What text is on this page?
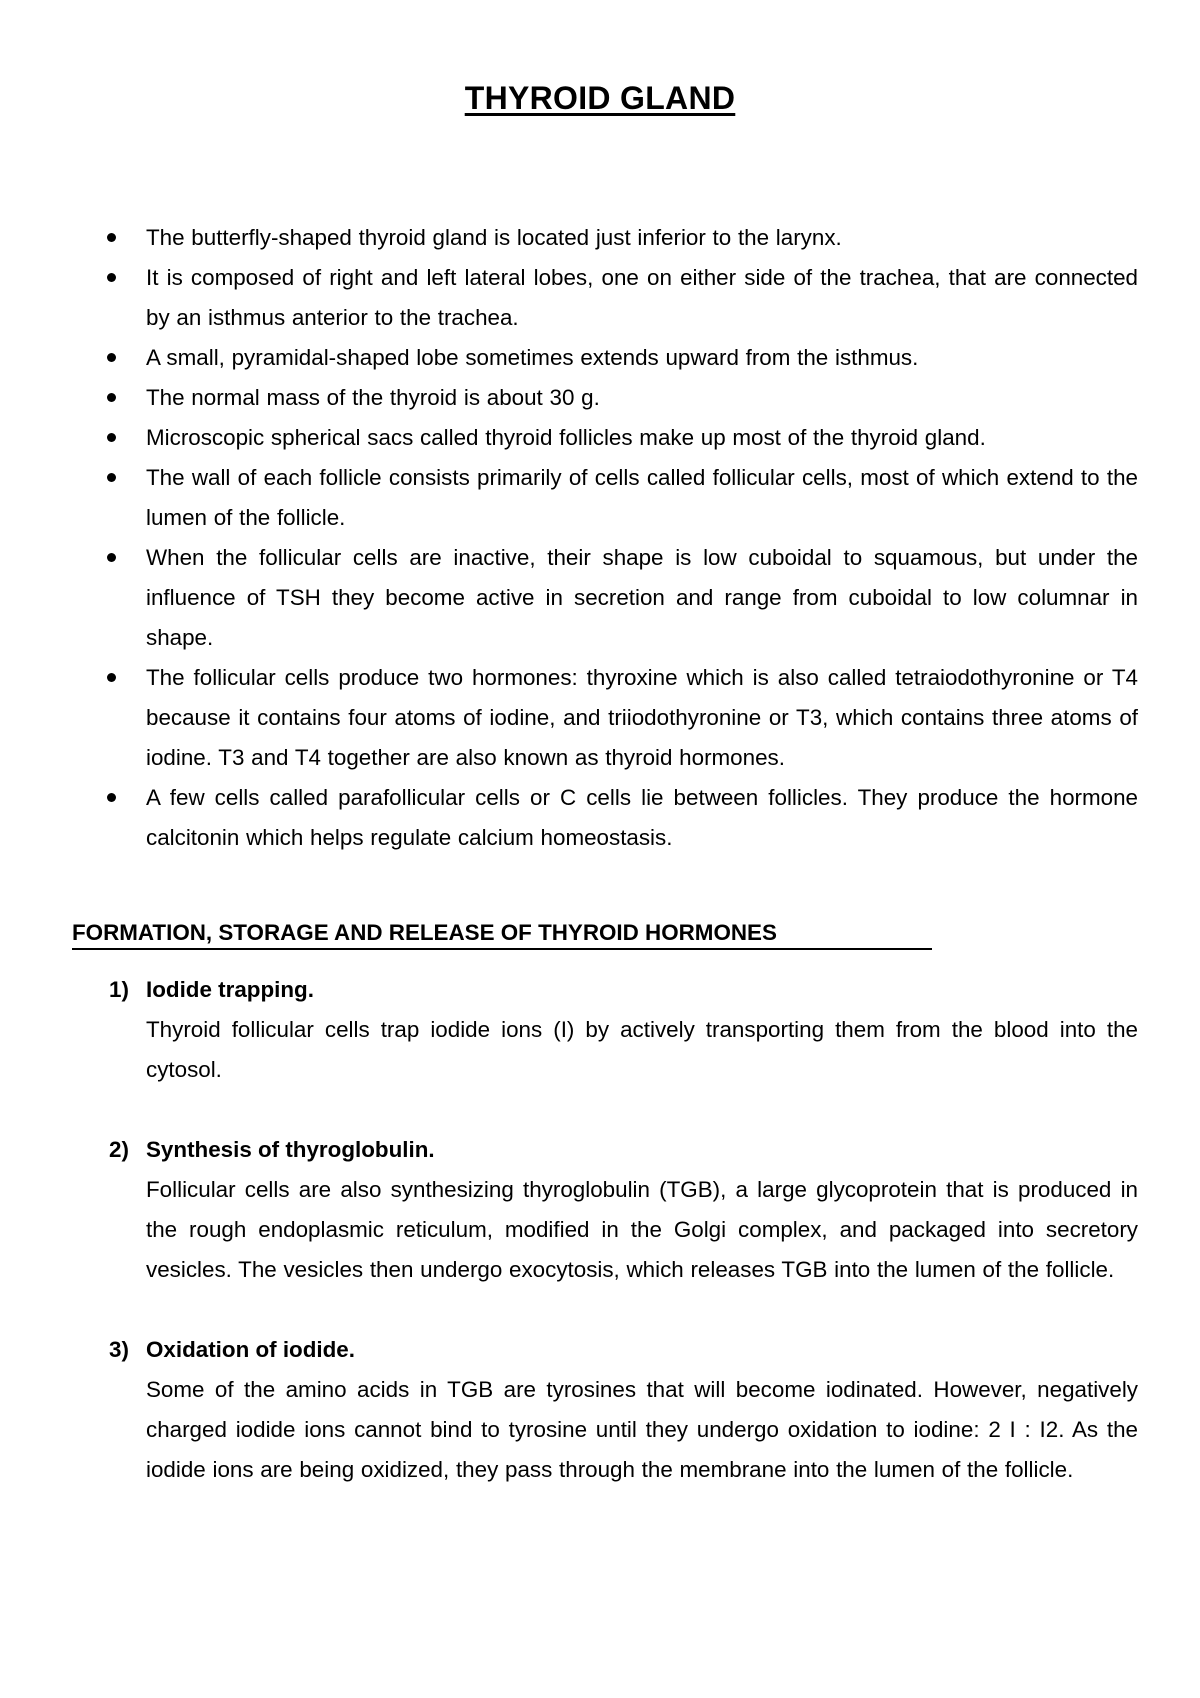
THYROID GLAND
The butterfly-shaped thyroid gland is located just inferior to the larynx.
It is composed of right and left lateral lobes, one on either side of the trachea, that are connected by an isthmus anterior to the trachea.
A small, pyramidal-shaped lobe sometimes extends upward from the isthmus.
The normal mass of the thyroid is about 30 g.
Microscopic spherical sacs called thyroid follicles make up most of the thyroid gland.
The wall of each follicle consists primarily of cells called follicular cells, most of which extend to the lumen of the follicle.
When the follicular cells are inactive, their shape is low cuboidal to squamous, but under the influence of TSH they become active in secretion and range from cuboidal to low columnar in shape.
The follicular cells produce two hormones: thyroxine which is also called tetraiodothyronine or T4 because it contains four atoms of iodine, and triiodothyronine or T3, which contains three atoms of iodine. T3 and T4 together are also known as thyroid hormones.
A few cells called parafollicular cells or C cells lie between follicles. They produce the hormone calcitonin which helps regulate calcium homeostasis.
FORMATION, STORAGE AND RELEASE OF THYROID HORMONES
1) Iodide trapping.
Thyroid follicular cells trap iodide ions (I) by actively transporting them from the blood into the cytosol.
2) Synthesis of thyroglobulin.
Follicular cells are also synthesizing thyroglobulin (TGB), a large glycoprotein that is produced in the rough endoplasmic reticulum, modified in the Golgi complex, and packaged into secretory vesicles. The vesicles then undergo exocytosis, which releases TGB into the lumen of the follicle.
3) Oxidation of iodide.
Some of the amino acids in TGB are tyrosines that will become iodinated. However, negatively charged iodide ions cannot bind to tyrosine until they undergo oxidation to iodine: 2 I : I2. As the iodide ions are being oxidized, they pass through the membrane into the lumen of the follicle.
